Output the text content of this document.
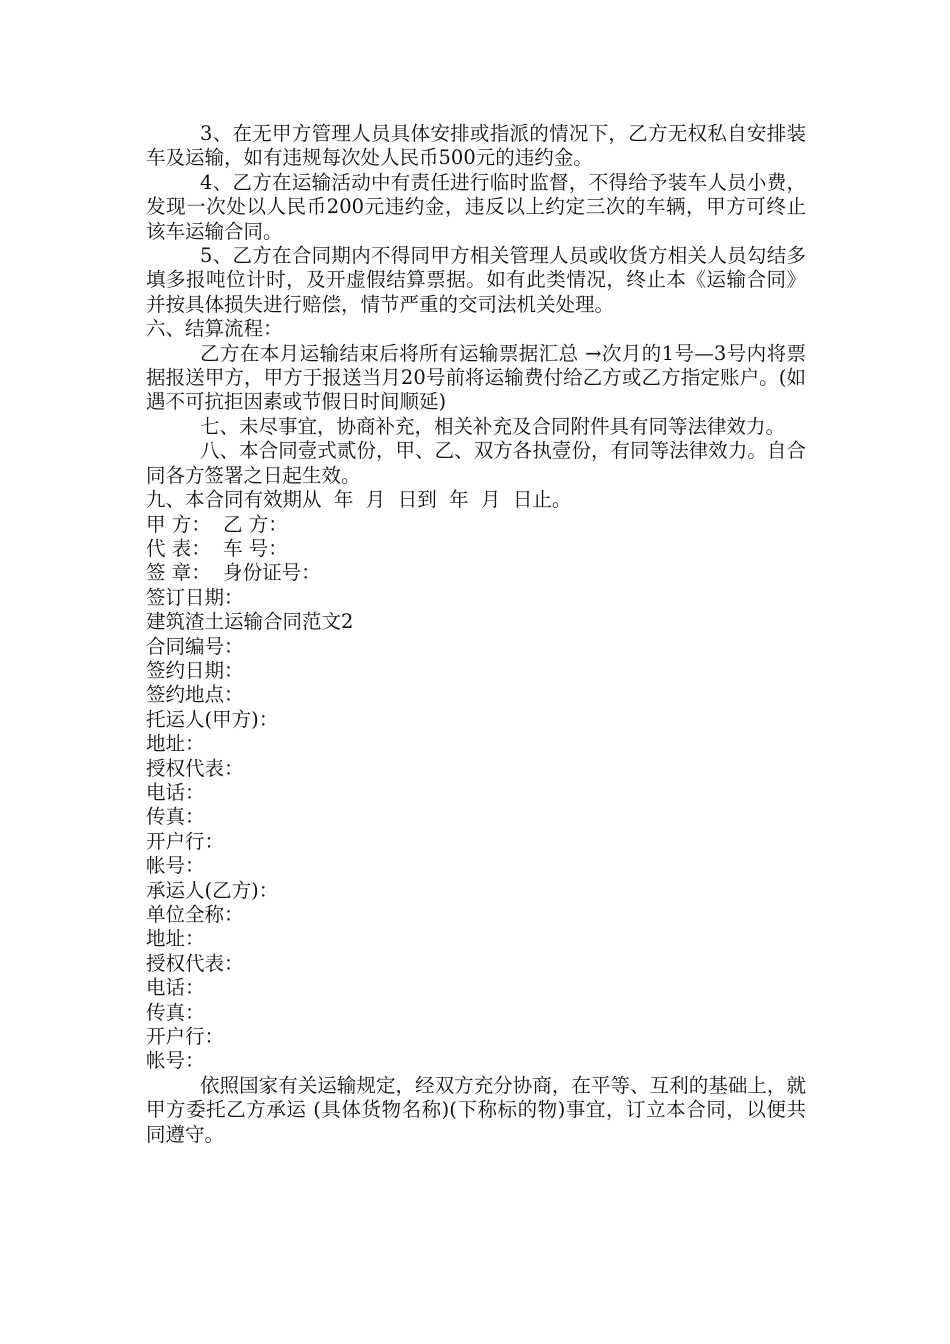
3、在无甲方管理人员具体安排或指派的情况下，乙方无权私自安排装车及运输，如有违规每次处人民币500元的违约金。

4、乙方在运输活动中有责任进行临时监督，不得给予装车人员小费，发现一次处以人民币200元违约金，违反以上约定三次的车辆，甲方可终止该车运输合同。

5、乙方在合同期内不得同甲方相关管理人员或收货方相关人员勾结多填多报吨位计时，及开虚假结算票据。如有此类情况，终止本《运输合同》并按具体损失进行赔偿，情节严重的交司法机关处理。

六、结算流程：

乙方在本月运输结束后将所有运输票据汇总 →次月的1号—3号内将票据报送甲方，甲方于报送当月20号前将运输费付给乙方或乙方指定账户。(如遇不可抗拒因素或节假日时间顺延)

七、未尽事宜，协商补充，相关补充及合同附件具有同等法律效力。

八、本合同壹式贰份，甲、乙、双方各执壹份，有同等法律效力。自合同各方签署之日起生效。

九、本合同有效期从  年  月  日到  年  月  日止。

甲 方：  乙 方：

代 表：  车 号：

签 章：  身份证号：

签订日期：

建筑渣土运输合同范文2

合同编号：

签约日期：

签约地点：

托运人(甲方)：

地址：

授权代表：

电话：

传真：

开户行：

帐号：

承运人(乙方)：

单位全称：

地址：

授权代表：

电话：

传真：

开户行：

帐号：

依照国家有关运输规定，经双方充分协商，在平等、互利的基础上，就甲方委托乙方承运 (具体货物名称)(下称标的物)事宜，订立本合同，以便共同遵守。
